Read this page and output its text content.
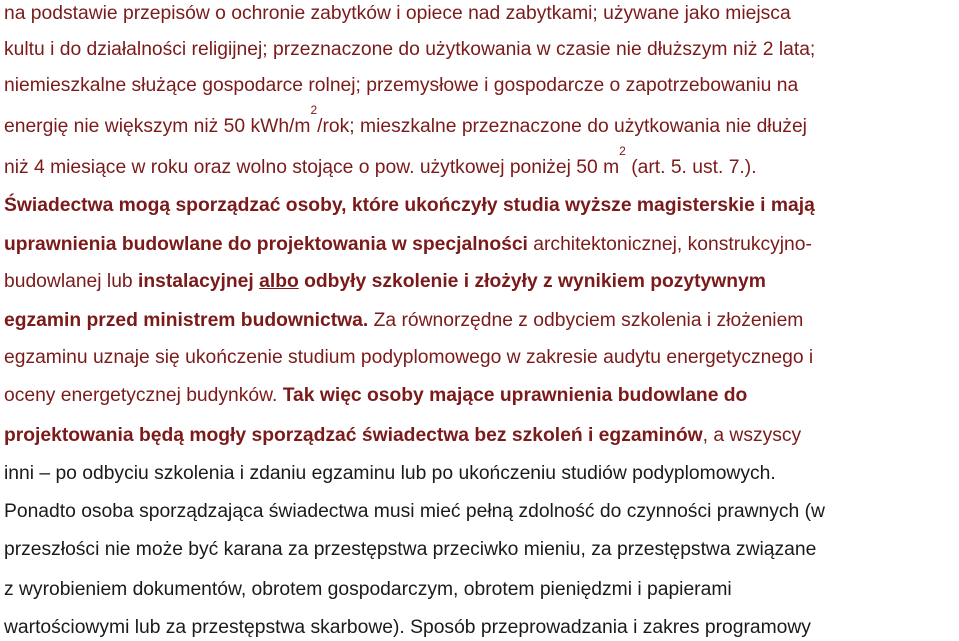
na podstawie przepisów o ochronie zabytków i opiece nad zabytkami; używane jako miejsca
kultu i do działalności religijnej; przeznaczone do użytkowania w czasie nie dłuższym niż 2 lata;
niemieszkalne służące gospodarce rolnej; przemysłowe i gospodarcze o zapotrzebowaniu na
energię nie większym niż 50 kWh/$m^2$/rok; mieszkalne przeznaczone do użytkowania nie dłużej
niż 4 miesiące w roku oraz wolno stojące o pow. użytkowej poniżej 50 $m^2$ (art. 5. ust. 7.).
Świadectwa mogą sporządzać osoby, które ukończyły studia wyższe magisterskie i mają
uprawnienia budowlane do projektowania w specjalności architektonicznej, konstrukcyjno-
budowlanej lub instalacyjnej albo odbyły szkolenie i złożyły z wynikiem pozytywnym
egzamin przed ministrem budownictwa. Za równorzędne z odbyciem szkolenia i złożeniem
egzaminu uznaje się ukończenie studium podyplomowego w zakresie audytu energetycznego i
oceny energetycznej budynków. Tak więc osoby mające uprawnienia budowlane do
projektowania będą mogły sporządzać świadectwa bez szkoleń i egzaminów, a wszyscy
inni – po odbyciu szkolenia i zdaniu egzaminu lub po ukończeniu studiów podyplomowych.
Ponadto osoba sporządzająca świadectwa musi mieć pełną zdolność do czynności prawnych (w
przeszłości nie może być karana za przestępstwa przeciwko mieniu, za przestępstwa związane
z wyrobieniem dokumentów, obrotem gospodarczym, obrotem pieniędzmi i papierami
wartościowymi lub za przestępstwa skarbowe). Sposób przeprowadzania i zakres programowy
